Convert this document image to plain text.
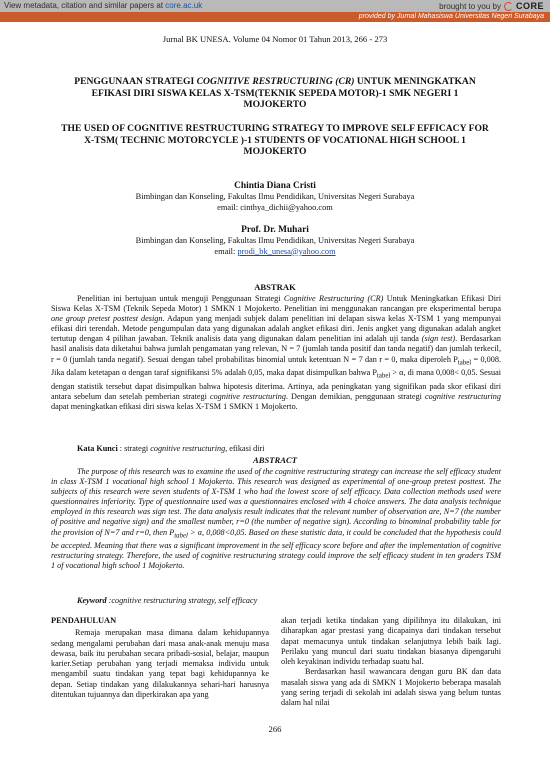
View metadata, citation and similar papers at core.ac.uk	brought to you by CORE
provided by Jurnal Mahasiswa Universitas Negeri Surabaya
Jurnal BK UNESA. Volume 04 Nomor 01 Tahun 2013, 266 - 273
PENGGUNAAN STRATEGI COGNITIVE RESTRUCTURING (CR) UNTUK MENINGKATKAN EFIKASI DIRI SISWA KELAS X-TSM(TEKNIK SEPEDA MOTOR)-1 SMK NEGERI 1 MOJOKERTO
THE USED OF COGNITIVE RESTRUCTURING STRATEGY TO IMPROVE SELF EFFICACY FOR X-TSM( TECHNIC MOTORCYCLE )-1 STUDENTS OF VOCATIONAL HIGH SCHOOL 1 MOJOKERTO
Chintia Diana Cristi
Bimbingan dan Konseling, Fakultas Ilmu Pendidikan, Universitas Negeri Surabaya
email: cinthya_dichii@yahoo.com
Prof. Dr. Muhari
Bimbingan dan Konseling, Fakultas Ilmu Pendidikan, Universitas Negeri Surabaya
email: prodi_bk_unesa@yahoo.com
ABSTRAK
Penelitian ini bertujuan untuk menguji Penggunaan Strategi Cognitive Restructuring (CR) Untuk Meningkatkan Efikasi Diri Siswa Kelas X-TSM (Teknik Sepeda Motor) 1 SMKN 1 Mojokerto. Penelitian ini menggunakan rancangan pre eksperimental berupa one group pretest posttest design. Adapun yang menjadi subjek dalam penelitian ini delapan siswa kelas X-TSM 1 yang mempunyai efikasi diri terendah. Metode pengumpulan data yang digunakan adalah angket efikasi diri. Jenis angket yang digunakan adalah angket tertutup dengan 4 pilihan jawaban. Teknik analisis data yang digunakan dalam penelitian ini adalah uji tanda (sign test). Berdasarkan hasil analisis data diketahui bahwa jumlah pengamatan yang relevan, N = 7 (jumlah tanda positif dan tanda negatif) dan jumlah terkecil, r = 0 (jumlah tanda negatif). Sesuai dengan tabel probabilitas binomial untuk ketentuan N = 7 dan r = 0, maka diperoleh $P_{tabel} = 0,008$. Jika dalam ketetapan α dengan taraf signifikansi 5% adalah 0,05, maka dapat disimpulkan bahwa $P_{tabel} > \alpha$, di mana 0,008< 0,05. Sesuai dengan statistik tersebut dapat disimpulkan bahwa hipotesis diterima. Artinya, ada peningkatan yang signifikan pada skor efikasi diri antara sebelum dan setelah pemberian strategi cognitive restructuring. Dengan demikian, penggunaan strategi cognitive restructuring dapat meningkatkan efikasi diri siswa kelas X-TSM 1 SMKN 1 Mojokerto.
Kata Kunci : strategi cognitive restructuring, efikasi diri
ABSTRACT
The purpose of this research was to examine the used of the cognitive restructuring strategy can increase the self efficacy student in class X-TSM 1 vocational high school 1 Mojokerto. This research was designed as experimental of one-group pretest posttest. The subjects of this research were seven students of X-TSM 1 who had the lowest score of self efficacy. Data collection methods used were questionnaires inferiority. Type of questionnaire used was a questionnaires enclosed with 4 choice answers. The data analysis technique employed in this research was sign test. The data analysis result indicates that the relevant number of observation are, N=7 (the number of positive and negative sign) and the smallest number, r=0 (the number of negative sign). According to binominal probability table for the provision of N=7 and r=0, then $P_{tabel} > \alpha$, 0,008<0,05. Based on these statistic data, it could be concluded that the hypothesis could be accepted. Meaning that there was a significant improvement in the self efficacy score before and after the implementation of cognitive restructuring strategy. Therefore, the used of cognitive restructuring strategy could improve the self efficacy student in ten graders TSM 1 of vocational high school 1 Mojokerto.
Keyword :cognitive restructuring strategy, self efficacy
PENDAHULUAN

Remaja merupakan masa dimana dalam kehidupannya sedang mengalami perubahan dari masa anak-anak menuju masa dewasa, baik itu perubahan secara pribadi-sosial, belajar, maupun karier.Setiap perubahan yang terjadi memaksa individu untuk mengambil suatu tindakan yang tepat bagi kehidupannya ke depan. Setiap tindakan yang dilakukannya sehari-hari harusnya ditentukan tujuannya dan diperkirakan apa yang

akan terjadi ketika tindakan yang dipilihnya itu dilakukan, ini diharapkan agar prestasi yang dicapainya dari tindakan tersebut dapat memacunya untuk tindakan selanjutnya lebih baik lagi. Perilaku yang muncul dari suatu tindakan biasanya dipengaruhi oleh keyakinan individu terhadap suatu hal.

Berdasarkan hasil wawancara dengan guru BK dan data masalah siswa yang ada di SMKN 1 Mojokerto beberapa masalah yang sering terjadi di sekolah ini adalah siswa yang belum tuntas dalam hal nilai

266
